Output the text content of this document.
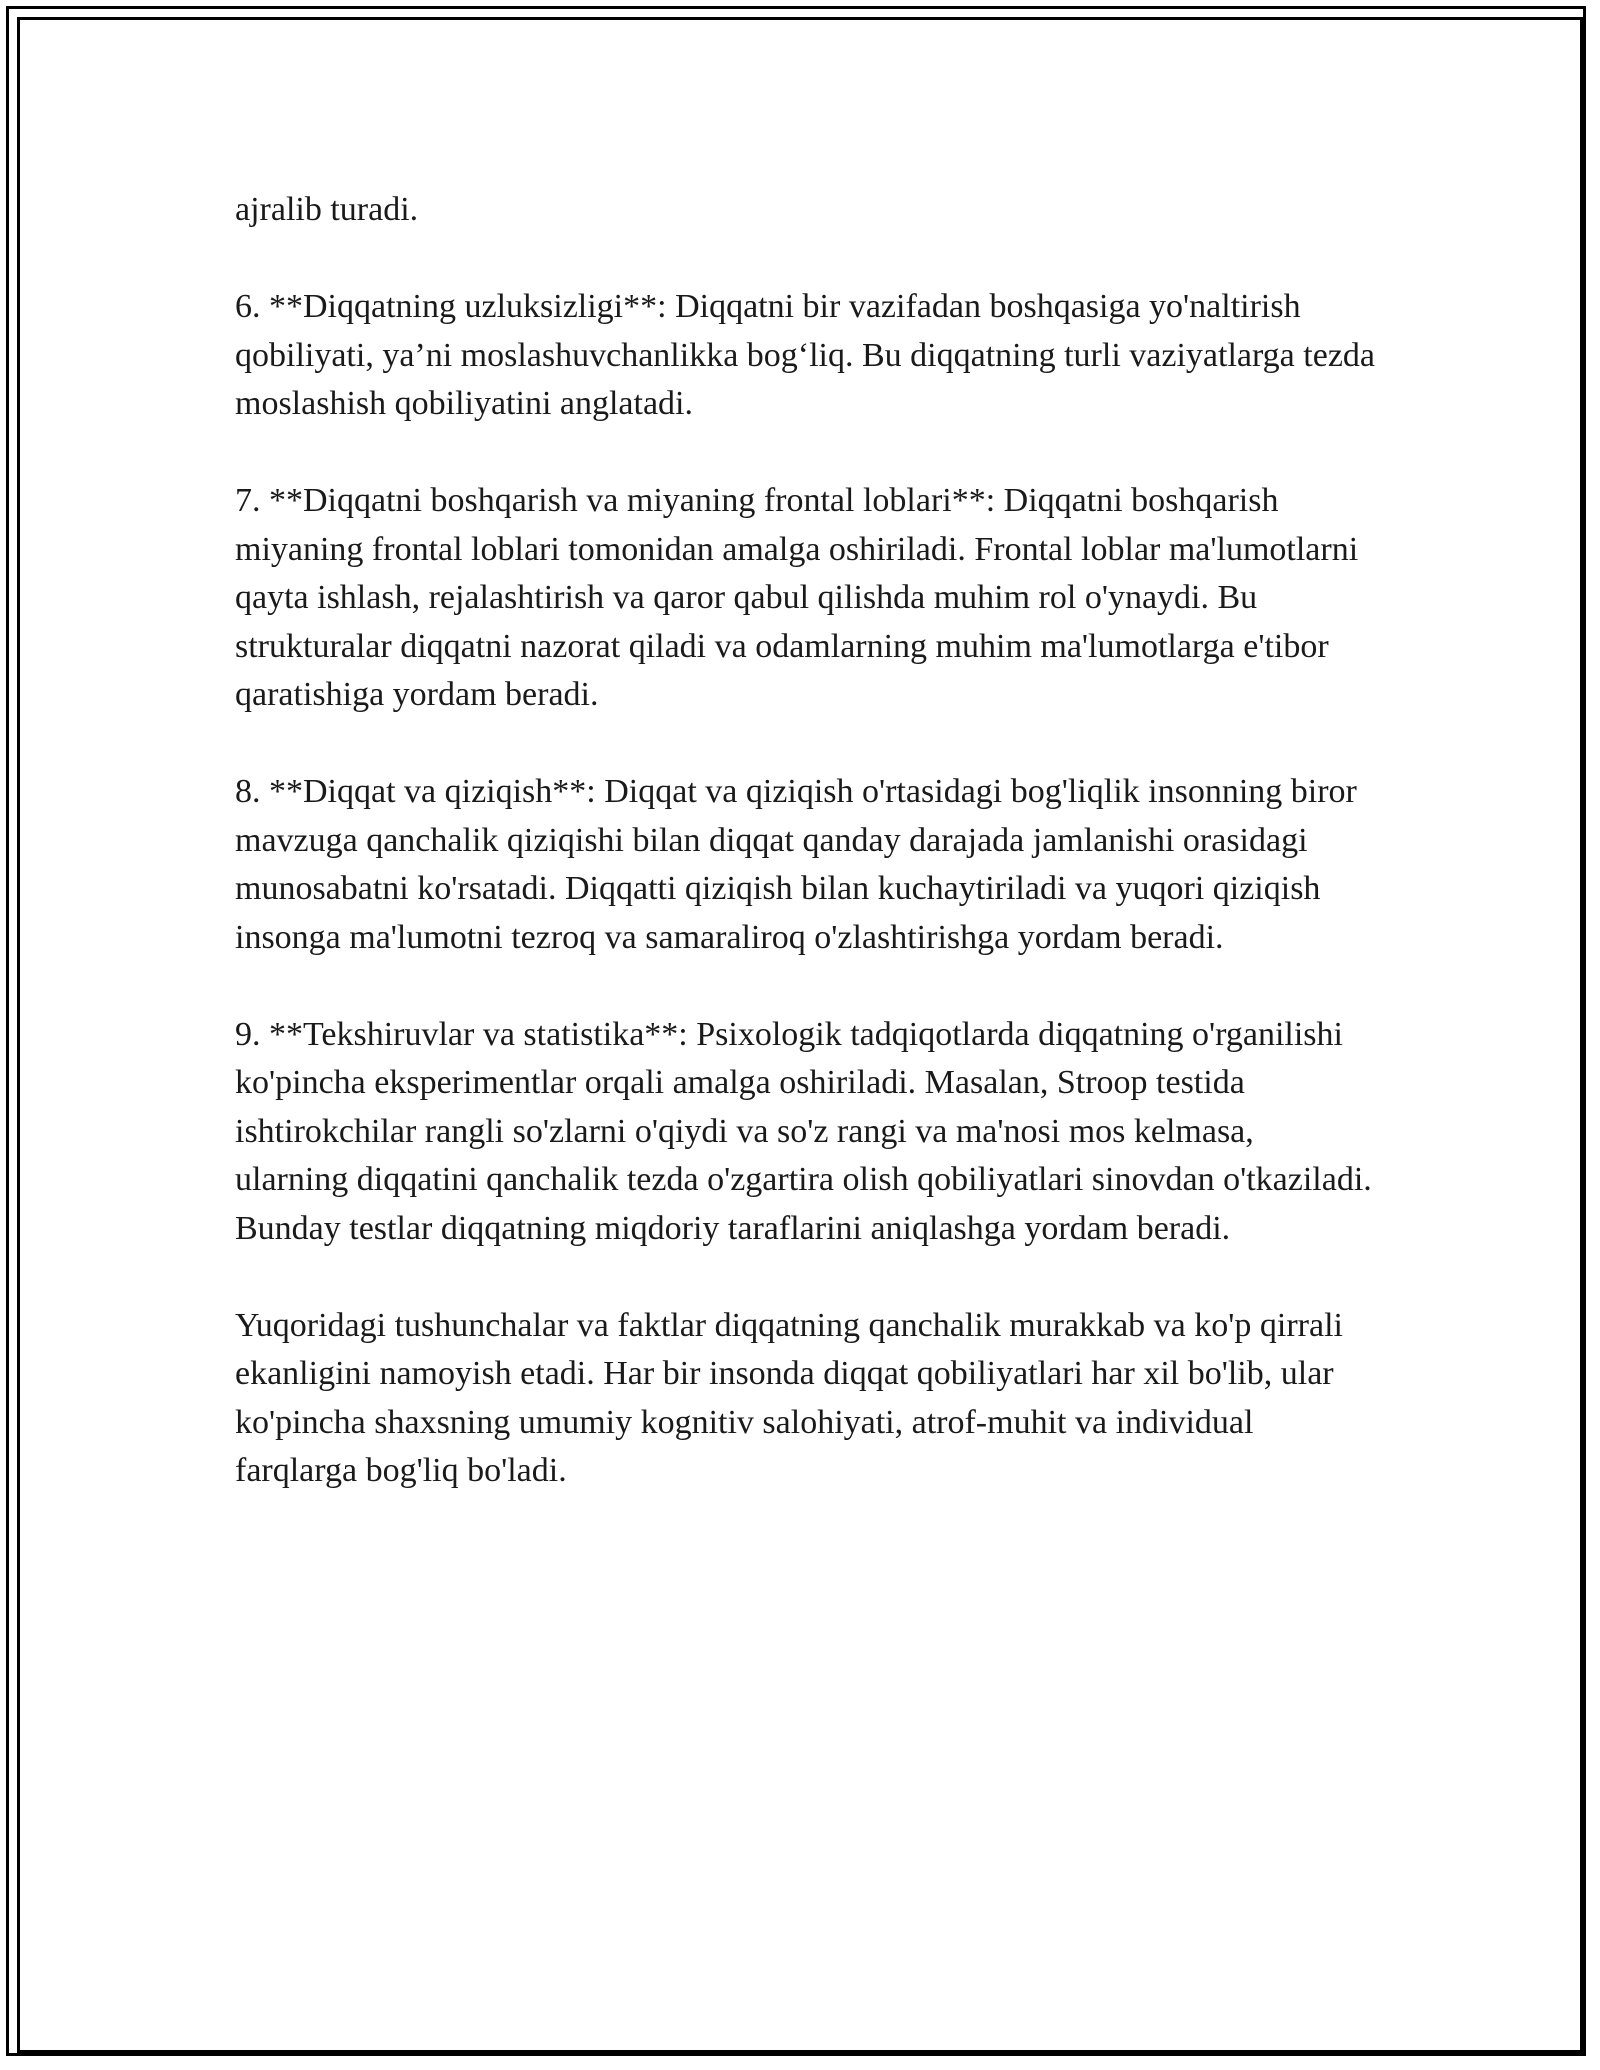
ajralib turadi.

6. **Diqqatning uzluksizligi**: Diqqatni bir vazifadan boshqasiga yo'naltirish qobiliyati, ya’ni moslashuvchanlikka bog‘liq. Bu diqqatning turli vaziyatlarga tezda moslashish qobiliyatini anglatadi.

7. **Diqqatni boshqarish va miyaning frontal loblari**: Diqqatni boshqarish miyaning frontal loblari tomonidan amalga oshiriladi. Frontal loblar ma'lumotlarni qayta ishlash, rejalashtirish va qaror qabul qilishda muhim rol o'ynaydi. Bu strukturalar diqqatni nazorat qiladi va odamlarning muhim ma'lumotlarga e'tibor qaratishiga yordam beradi.

8. **Diqqat va qiziqish**: Diqqat va qiziqish o'rtasidagi bog'liqlik insonning biror mavzuga qanchalik qiziqishi bilan diqqat qanday darajada jamlanishi orasidagi munosabatni ko'rsatadi. Diqqatti qiziqish bilan kuchaytiriladi va yuqori qiziqish insonga ma'lumotni tezroq va samaraliroq o'zlashtirishga yordam beradi.

9. **Tekshiruvlar va statistika**: Psixologik tadqiqotlarda diqqatning o'rganilishi ko'pincha eksperimentlar orqali amalga oshiriladi. Masalan, Stroop testida ishtirokchilar rangli so'zlarni o'qiydi va so'z rangi va ma'nosi mos kelmasa, ularning diqqatini qanchalik tezda o'zgartira olish qobiliyatlari sinovdan o'tkaziladi. Bunday testlar diqqatning miqdoriy taraflarini aniqlashga yordam beradi.

Yuqoridagi tushunchalar va faktlar diqqatning qanchalik murakkab va ko'p qirrali ekanligini namoyish etadi. Har bir insonda diqqat qobiliyatlari har xil bo'lib, ular ko'pincha shaxsning umumiy kognitiv salohiyati, atrof-muhit va individual farqlarga bog'liq bo'ladi.
